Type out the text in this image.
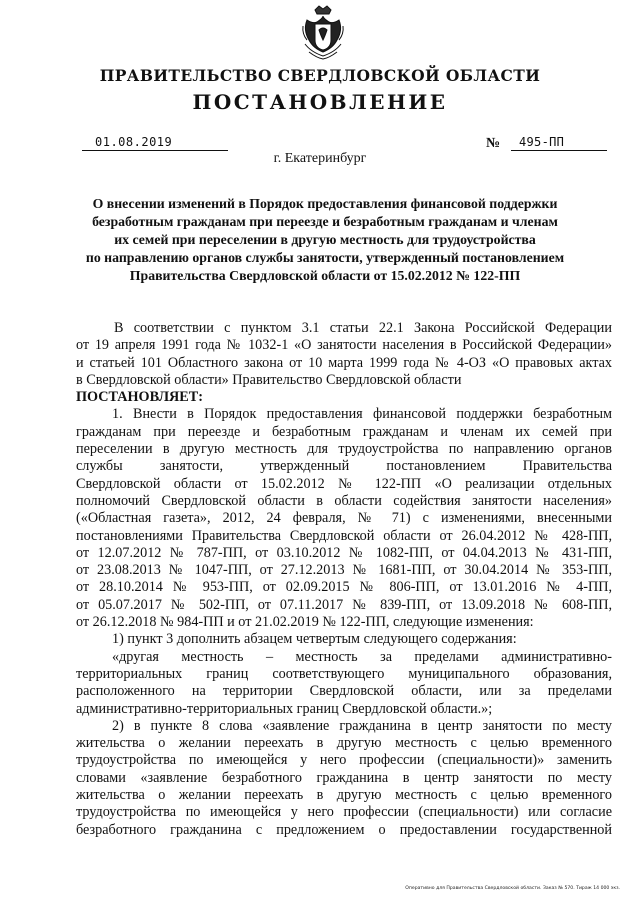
ПРАВИТЕЛЬСТВО СВЕРДЛОВСКОЙ ОБЛАСТИ
ПОСТАНОВЛЕНИЕ
01.08.2019	№ 495-ПП
г. Екатеринбург
О внесении изменений в Порядок предоставления финансовой поддержки
безработным гражданам при переезде и безработным гражданам и членам
их семей при переселении в другую местность для трудоустройства
по направлению органов службы занятости, утвержденный постановлением
Правительства Свердловской области от 15.02.2012 № 122-ПП
В соответствии с пунктом 3.1 статьи 22.1 Закона Российской Федерации
от 19 апреля 1991 года № 1032-1 «О занятости населения в Российской Федерации»
и статьей 101 Областного закона от 10 марта 1999 года № 4-ОЗ «О правовых актах
в Свердловской области» Правительство Свердловской области
ПОСТАНОВЛЯЕТ:
1. Внести в Порядок предоставления финансовой поддержки безработным
гражданам при переезде и безработным гражданам и членам их семей при
переселении в другую местность для трудоустройства по направлению органов
службы занятости, утвержденный постановлением Правительства
Свердловской области от 15.02.2012 № 122-ПП «О реализации отдельных
полномочий Свердловской области в области содействия занятости населения»
(«Областная газета», 2012, 24 февраля, № 71) с изменениями, внесенными
постановлениями Правительства Свердловской области от 26.04.2012 № 428-ПП,
от 12.07.2012 № 787-ПП, от 03.10.2012 № 1082-ПП, от 04.04.2013 № 431-ПП,
от 23.08.2013 № 1047-ПП, от 27.12.2013 № 1681-ПП, от 30.04.2014 № 353-ПП,
от 28.10.2014 № 953-ПП, от 02.09.2015 № 806-ПП, от 13.01.2016 № 4-ПП,
от 05.07.2017 № 502-ПП, от 07.11.2017 № 839-ПП, от 13.09.2018 № 608-ПП,
от 26.12.2018 № 984-ПП и от 21.02.2019 № 122-ПП, следующие изменения:
1) пункт 3 дополнить абзацем четвертым следующего содержания:
«другая местность – местность за пределами административно-
территориальных границ соответствующего муниципального образования,
расположенного на территории Свердловской области, или за пределами
административно-территориальных границ Свердловской области.»;
2) в пункте 8 слова «заявление гражданина в центр занятости по месту
жительства о желании переехать в другую местность с целью временного
трудоустройства по имеющейся у него профессии (специальности)» заменить
словами «заявление безработного гражданина в центр занятости по месту
жительства о желании переехать в другую местность с целью временного
трудоустройства по имеющейся у него профессии (специальности) или согласие
безработного гражданина с предложением о предоставлении государственной
Оперативно для Правительства Свердловской области. Заказ № 570. Тираж 14 000 экз.
